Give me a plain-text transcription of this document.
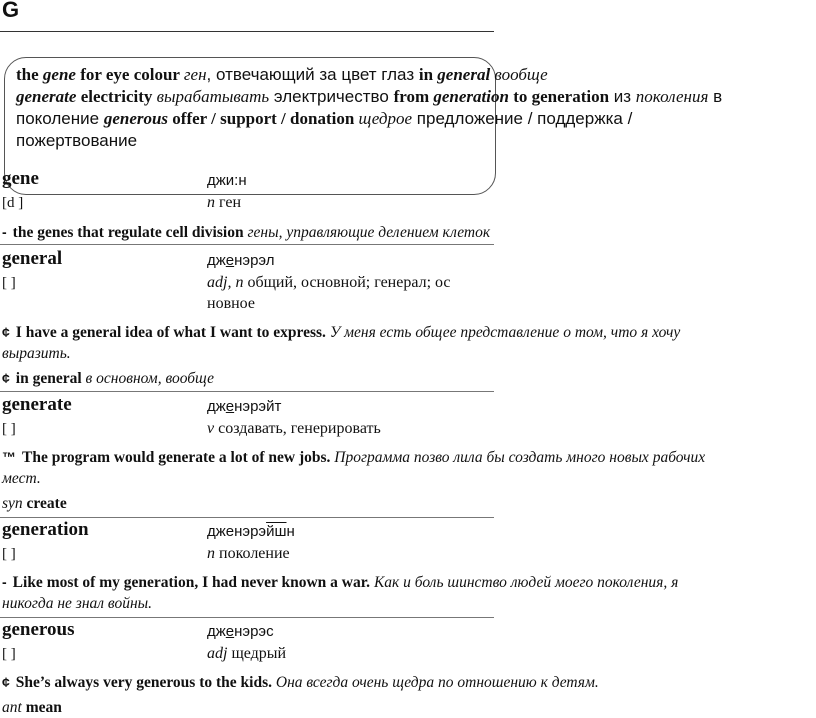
G
the gene for eye colour ген, отвечающий за цвет глаз in general вообще
generate electricity вырабатывать электричество from generation to generation из поколения в
поколение generous offer / support / donation щедрое предложение / поддержка /
пожертвование
gene	джи:н
[d ]	n ген
- the genes that regulate cell division гены, управляющие делением клеток
general	дженэрэл
[ ]	adj, n общий, основной; генерал; ос
новное
¢ I have a general idea of what I want to express. У меня есть общее представление о том, что я хочу
выразить.
¢ in general в основном, вообще
generate	дженэрэйт
[ ]	v создавать, генерировать
™ The program would generate a lot of new jobs. Программа позво лила бы создать много новых рабочих
мест.
syn create
generation	дженэрэйшн
[ ]	n поколение
- Like most of my generation, I had never known a war. Как и боль шинство людей моего поколения, я
никогда не знал войны.
generous	дженэрэс
[ ]	adj щедрый
¢ She’s always very generous to the kids. Она всегда очень щедра по отношению к детям.
ant mean
